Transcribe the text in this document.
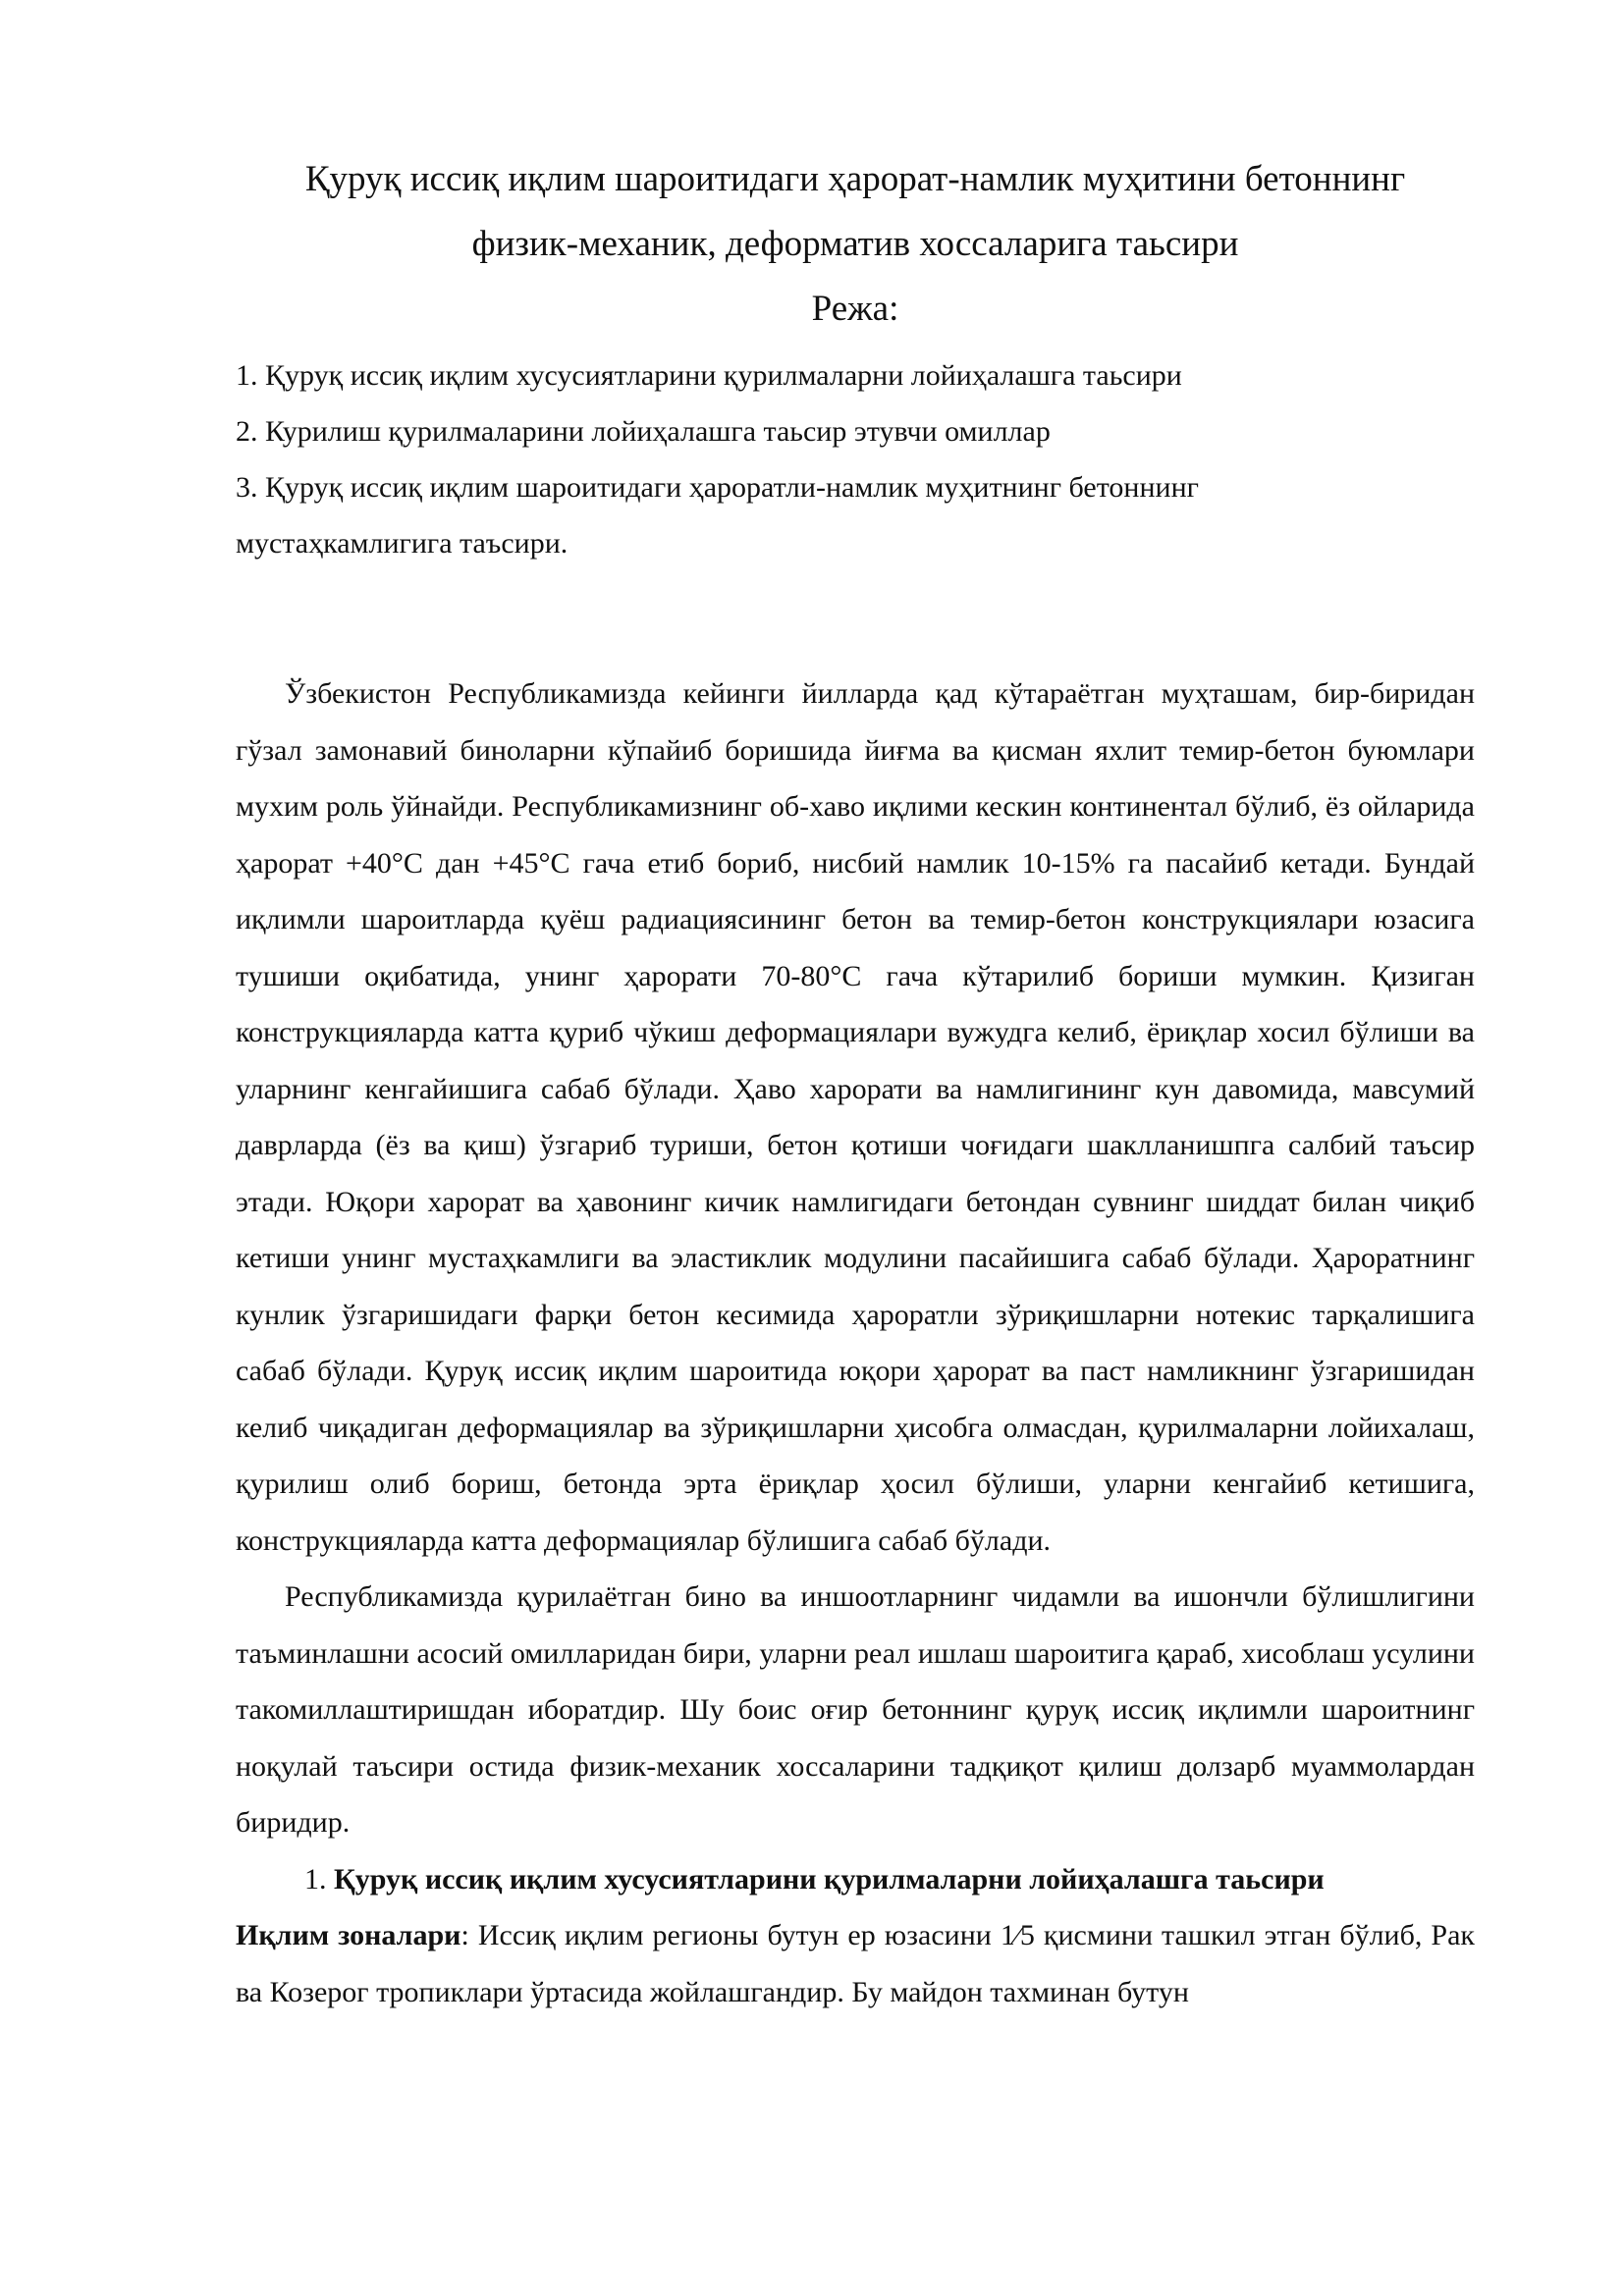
Қуруқ иссиқ иқлим шароитидаги ҳарорат-намлик муҳитини бетоннинг

физик-механик, деформатив хоссаларига таьсири

Режа:

1. Қуруқ иссиқ иқлим хусусиятларини қурилмаларни лойиҳалашга таьсири

2. Курилиш қурилмаларини лойиҳалашга таьсир этувчи омиллар

3. Қуруқ иссиқ иқлим шароитидаги ҳароратли-намлик муҳитнинг бетоннинг

мустаҳкамлигига таъсири.

Ўзбекистон Республикамизда кейинги йилларда қад кўтараётган муҳташам, бир-биридан гўзал замонавий биноларни кўпайиб боришида йиғма ва қисман яхлит темир-бетон буюмлари мухим роль ўйнайди. Республикамизнинг об-хаво иқлими кескин континентал бўлиб, ёз ойларида ҳарорат +40°С дан +45°С гача етиб бориб, нисбий намлик 10-15% га пасайиб кетади. Бундай иқлимли шароитларда қуёш радиациясининг бетон ва темир-бетон конструкциялари юзасига тушиши оқибатида, унинг ҳарорати 70-80°С гача кўтарилиб бориши мумкин. Қизиган конструкцияларда катта қуриб чўкиш деформациялари вужудга келиб, ёриқлар хосил бўлиши ва уларнинг кенгайишига сабаб бўлади. Ҳаво харорати ва намлигининг кун давомида, мавсумий даврларда (ёз ва қиш) ўзгариб туриши, бетон қотиши чоғидаги шаклланишпга салбий таъсир этади. Юқори харорат ва ҳавонинг кичик намлигидаги бетондан сувнинг шиддат билан чиқиб кетиши унинг мустаҳкамлиги ва эластиклик модулини пасайишига сабаб бўлади. Ҳароратнинг кунлик ўзгаришидаги фарқи бетон кесимида ҳароратли зўриқишларни нотекис тарқалишига сабаб бўлади. Қуруқ иссиқ иқлим шароитида юқори ҳарорат ва паст намликнинг ўзгаришидан келиб чиқадиган деформациялар ва зўриқишларни ҳисобга олмасдан, қурилмаларни лойихалаш, қурилиш олиб бориш, бетонда эрта ёриқлар ҳосил бўлиши, уларни кенгайиб кетишига, конструкцияларда катта деформациялар бўлишига сабаб бўлади.

Республикамизда қурилаётган бино ва иншоотларнинг чидамли ва ишончли бўлишлигини таъминлашни асосий омилларидан бири, уларни реал ишлаш шароитига қараб, хисоблаш усулини такомиллаштиришдан иборатдир. Шу боис оғир бетоннинг қуруқ иссиқ иқлимли шароитнинг ноқулай таъсири остида физик-механик хоссаларини тадқиқот қилиш долзарб муаммолардан биридир.

1. Қуруқ иссиқ иқлим хусусиятларини қурилмаларни лойиҳалашга таьсири

Иқлим зоналари: Иссиқ иқлим регионы бутун ер юзасини 1⁄5 қисмини ташкил этган бўлиб, Рак ва Козерог тропиклари ўртасида жойлашгандир. Бу майдон тахминан бутун
